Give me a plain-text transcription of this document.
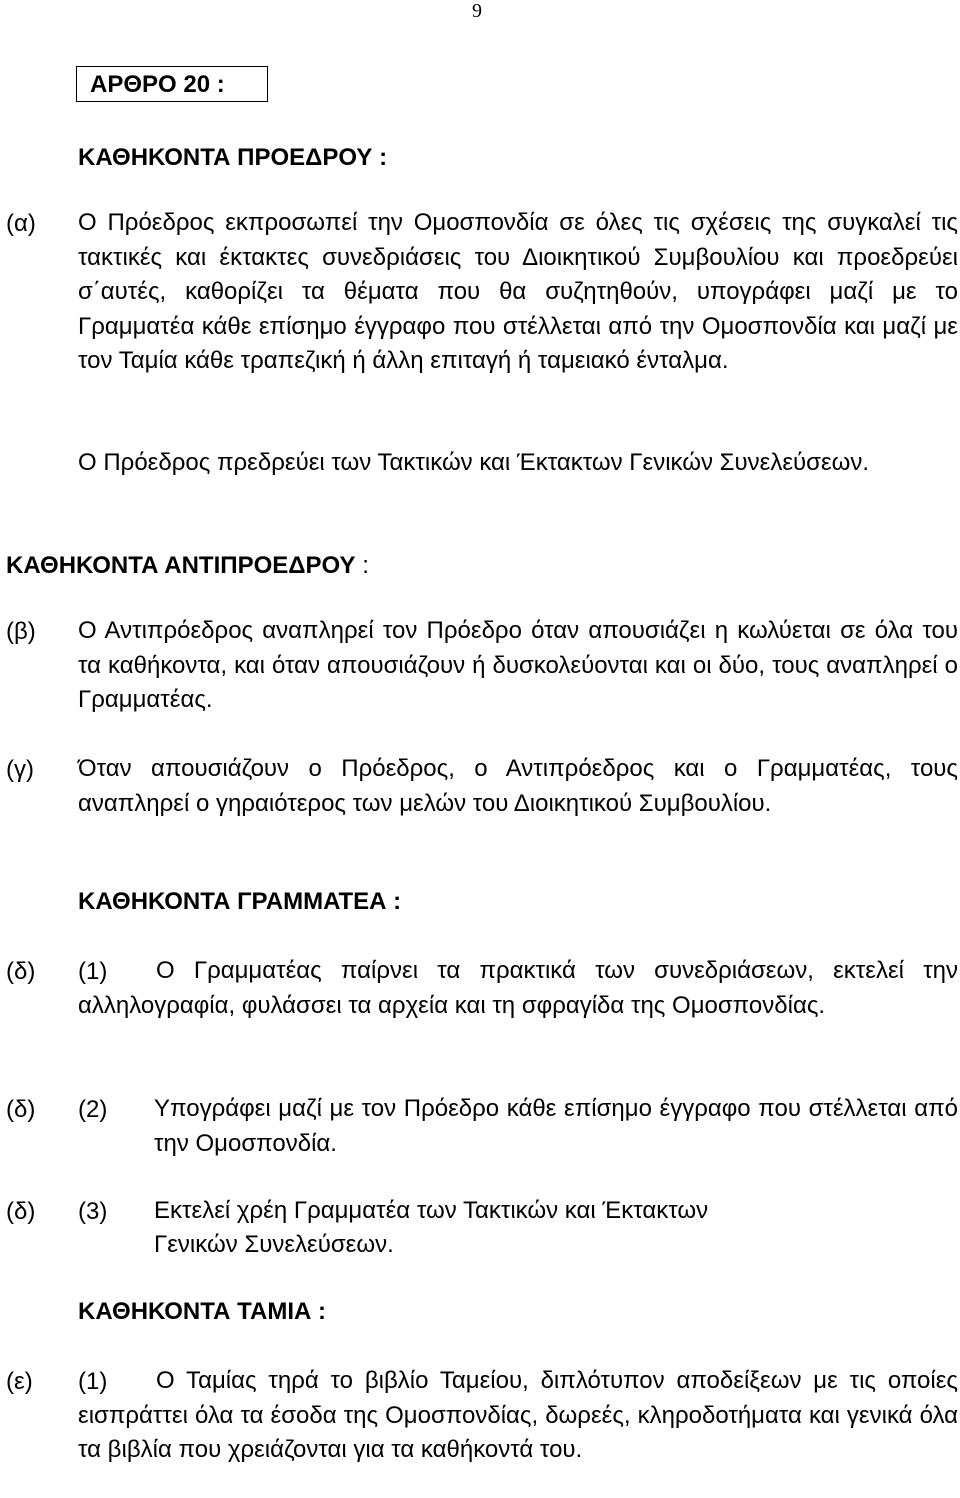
9
ΑΡΘΡΟ 20 :
ΚΑΘΗΚΟΝΤΑ ΠΡΟΕΔΡΟΥ :
(α) Ο Πρόεδρος εκπροσωπεί την Ομοσπονδία σε όλες τις σχέσεις της συγκαλεί τις τακτικές και έκτακτες συνεδριάσεις του Διοικητικού Συμβουλίου και προεδρεύει σ΄αυτές, καθορίζει τα θέματα που θα συζητηθούν, υπογράφει μαζί με το Γραμματέα κάθε επίσημο έγγραφο που στέλλεται από την Ομοσπονδία και μαζί με τον Ταμία κάθε τραπεζική ή άλλη επιταγή ή ταμειακό ένταλμα.
Ο Πρόεδρος πρεδρεύει των Τακτικών και Έκτακτων Γενικών Συνελεύσεων.
ΚΑΘΗΚΟΝΤΑ ΑΝΤΙΠΡΟΕΔΡΟΥ :
(β) Ο Αντιπρόεδρος αναπληρεί τον Πρόεδρο όταν απουσιάζει η κωλύεται σε όλα του τα καθήκοντα, και όταν απουσιάζουν ή δυσκολεύονται και οι δύο, τους αναπληρεί ο Γραμματέας.
(γ) Όταν απουσιάζουν ο Πρόεδρος, ο Αντιπρόεδρος και ο Γραμματέας, τους αναπληρεί ο γηραιότερος των μελών του Διοικητικού Συμβουλίου.
ΚΑΘΗΚΟΝΤΑ ΓΡΑΜΜΑΤΕΑ :
(δ)	Ο Γραμματέας παίρνει τα πρακτικά των συνεδριάσεων, εκτελεί την αλληλογραφία, φυλάσσει τα αρχεία και τη σφραγίδα της Ομοσπονδίας.
(1)
(δ) (2) Υπογράφει μαζί με τον Πρόεδρο κάθε επίσημο έγγραφο που στέλλεται από την Ομοσπονδία.
(δ) (3) Εκτελεί χρέη Γραμματέα των Τακτικών και Έκτακτων
Γενικών Συνελεύσεων.
ΚΑΘΗΚΟΝΤΑ ΤΑΜΙΑ :
(ε)	Ο Ταμίας τηρά το βιβλίο Ταμείου, διπλότυπον αποδείξεων με τις οποίες εισπράττει όλα τα έσοδα της Ομοσπονδίας, δωρεές, κληροδοτήματα και γενικά όλα τα βιβλία που χρειάζονται για τα καθήκοντά του.
(1)
